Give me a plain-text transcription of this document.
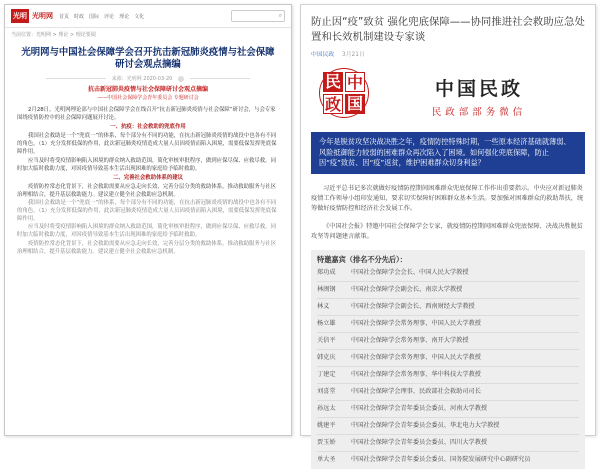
光明 光明网 首页 时政 国际 评论 理论 文化	⌕
当前位置：光明网 > 理论 > 理论要闻
光明网与中国社会保障学会召开抗击新冠肺炎疫情与社会保障研讨会观点摘编
来源：光明网 2020-03-20
抗击新冠肺炎疫情与社会保障研讨会观点摘编
——中国社会保障学会青年委员会 专题研讨会

2月28日，光明网理论部与中国社会保障学会在线召开“抗击新冠肺炎疫情与社会保障”研讨会，与会专家围绕疫情防控中的社会保障问题展开讨论。

一、抗疫：社会救助的兜底作用

我国社会救助是一个“兜底一”的体系，每个部分有不同的功能，在抗击新冠肺炎疫情的战役中也各有不同的角色。（1）充分发挥低保的作用，此次新冠肺炎疫情造成大量人员因疫情而陷入困境，需要低保发挥兜底保障作用。

应当及时将受疫情影响陷入困境的群众纳入救助范围，简化审核审批程序，做到应保尽保、应救尽救。同时加大临时救助力度，对因疫情导致基本生活出现困难的家庭给予临时救助。

二、完善社会救助体系的建议

疫情防控常态化背景下，社会救助需要从应急走向长效，完善分层分类的救助体系，推动救助服务与社区治理相结合，提升基层救助能力。建议建立健全社会救助应急机制。

我国社会救助是一个“兜底一”的体系，每个部分有不同的功能，在抗击新冠肺炎疫情的战役中也各有不同的角色。（1）充分发挥低保的作用，此次新冠肺炎疫情造成大量人员因疫情而陷入困境，需要低保发挥兜底保障作用。

应当及时将受疫情影响陷入困境的群众纳入救助范围，简化审核审批程序，做到应保尽保、应救尽救。同时加大临时救助力度，对因疫情导致基本生活出现困难的家庭给予临时救助。

疫情防控常态化背景下，社会救助需要从应急走向长效，完善分层分类的救助体系，推动救助服务与社区治理相结合，提升基层救助能力。建议建立健全社会救助应急机制。

防止因“疫”致贫 强化兜底保障——协同推进社会救助应急处置和长效机制建设专家谈
中国民政 3月21日
民 中
政 国
中国民政
民政部部务微信
今年是脱贫攻坚决战决胜之年，疫情防控特殊时期，一些原本经济基础就薄弱、风险抵御能力较弱的困难群众再次陷入了困境。如何强化兜底保障，防止因“疫”致贫、因“疫”返贫，维护困难群众切身利益？

习近平总书记多次就做好疫情防控期间困难群众兜底保障工作作出重要指示。中央应对新冠肺炎疫情工作领导小组印发通知，要求切实保障好困难群众基本生活。要加强对困难群众的救助帮扶，统筹做好疫情防控和经济社会发展工作。

《中国社会报》特邀中国社会保障学会专家，就疫情防控期间困难群众兜底保障、决战决胜脱贫攻坚等问题建言献策。

特邀嘉宾（排名不分先后）：
郑功成 中国社会保障学会会长、中国人民大学教授
林闽钢 中国社会保障学会副会长、南京大学教授
林义	中国社会保障学会副会长、西南财经大学教授
杨立雄 中国社会保障学会常务理事、中国人民大学教授
关信平 中国社会保障学会常务理事、南开大学教授
韩克庆 中国社会保障学会常务理事、中国人民大学教授
丁建定 中国社会保障学会常务理事、华中科技大学教授
刘喜堂 中国社会保障学会理事、民政部社会救助司司长
孙远太 中国社会保障学会青年委员会委员、河南大学教授
姚建平 中国社会保障学会青年委员会委员、华北电力大学教授
贾玉娇 中国社会保障学会青年委员会委员、四川大学教授
单大圣 中国社会保障学会青年委员会委员、国务院发展研究中心副研究员
